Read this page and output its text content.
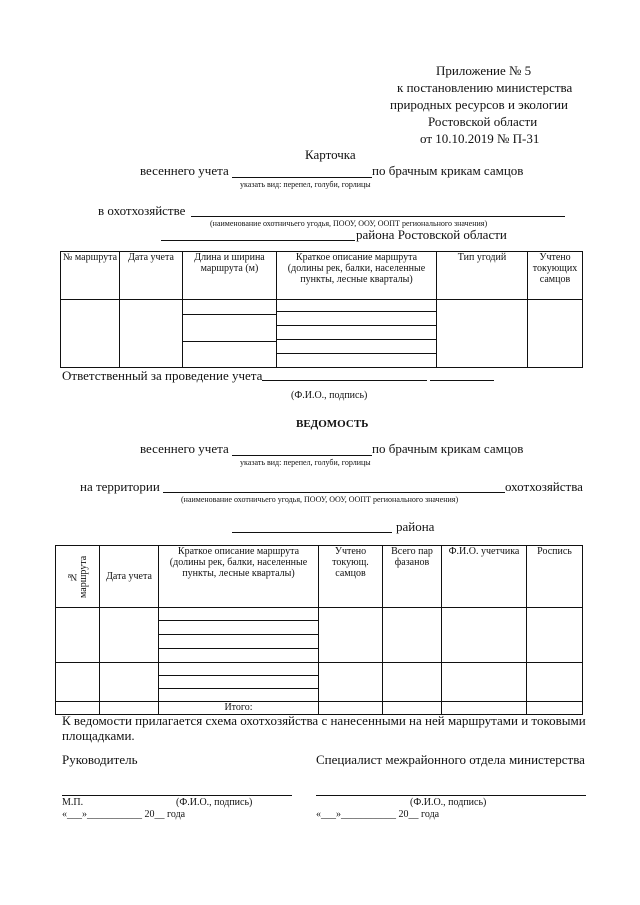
Приложение № 5
к постановлению министерства
природных ресурсов и экологии
Ростовской области
от 10.10.2019 № П-31
Карточка
весеннего учета	по брачным крикам самцов
указать вид: перепел, голуби, горлицы
в охотхозяйстве
(наименование охотничьего угодья, ПООУ, ООУ, ООПТ регионального значения)
района Ростовской области
№ маршрута	Дата учета	Длина и ширина маршрута (м)	Краткое описание маршрута (долины рек, балки, населенные пункты, лесные кварталы)	Тип угодий	Учтено токующих самцов

Ответственный за проведение учета
(Ф.И.О., подпись)
ВЕДОМОСТЬ
весеннего учета	по брачным крикам самцов
указать вид: перепел, голуби, горлицы
на территории	охотхозяйства
(наименование охотничьего угодья, ПООУ, ООУ, ООПТ регионального значения)
района
№ маршрута	Дата учета	Краткое описание маршрута (долины рек, балки, населенные пункты, лесные кварталы)	Учтено токующ. самцов	Всего пар фазанов	Ф.И.О. учетчика	Роспись

		Итого:				
К ведомости прилагается схема охотхозяйства с нанесенными на ней маршрутами и токовыми площадками.
Руководитель	Специалист межрайонного отдела министерства
М.П.	(Ф.И.О., подпись)	(Ф.И.О., подпись)
«___»___________ 20__ года	«___»___________ 20__ года
